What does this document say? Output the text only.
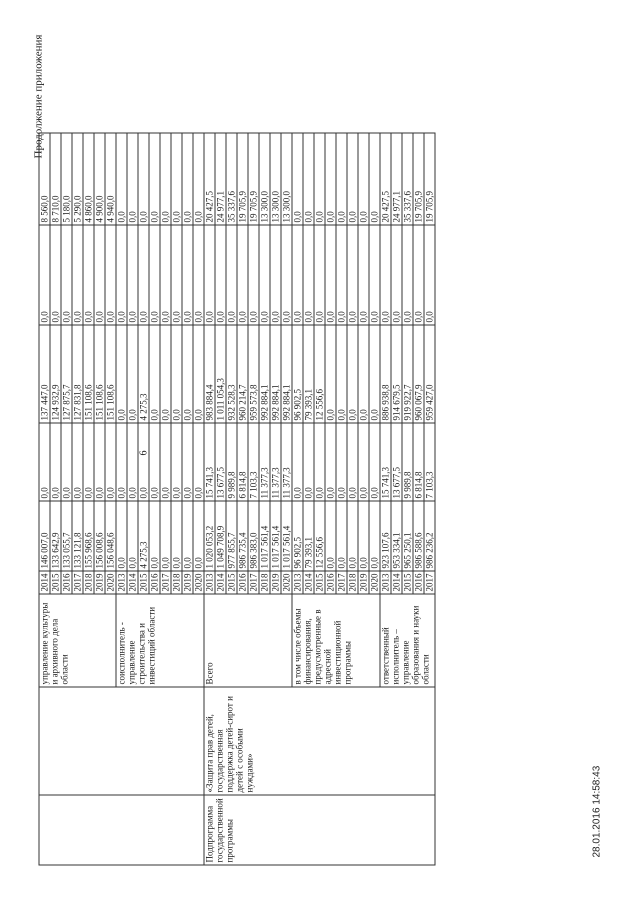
Продолжение приложения
6
		управление культуры и архивного дела области	2014	146 007,0	0,0	137 447,0	0,0	8 560,0
			2015	133 642,9	0,0	124 932,9	0,0	8 710,0
			2016	133 055,7	0,0	127 875,7	0,0	5 180,0
			2017	133 121,8	0,0	127 831,8	0,0	5 290,0
			2018	155 968,6	0,0	151 108,6	0,0	4 860,0
			2019	156 008,6	0,0	151 108,6	0,0	4 900,0
			2020	156 048,6	0,0	151 108,6	0,0	4 940,0
		соисполнитель - управление строительства и инвестиций области	2013	0,0	0,0	0,0	0,0	0,0
			2014	0,0	0,0	0,0	0,0	0,0
			2015	4 275,3	0,0	4 275,3	0,0	0,0
			2016	0,0	0,0	0,0	0,0	0,0
			2017	0,0	0,0	0,0	0,0	0,0
			2018	0,0	0,0	0,0	0,0	0,0
			2019	0,0	0,0	0,0	0,0	0,0
			2020	0,0	0,0	0,0	0,0	0,0
Подпрограмма государственной программы	«Защита прав детей, государственная поддержка детей-сирот и детей с особыми нуждами»	Всего	2013	1 020 053,2	15 741,3	983 884,4	0,0	20 427,5
			2014	1 049 708,9	13 677,5	1 011 054,3	0,0	24 977,1
			2015	977 855,7	9 989,8	932 528,3	0,0	35 337,6
			2016	986 735,4	6 814,8	960 214,7	0,0	19 705,9
			2017	986 383,0	7 103,3	959 573,8	0,0	19 705,9
			2018	1 017 561,4	11 377,3	992 884,1	0,0	13 300,0
			2019	1 017 561,4	11 377,3	992 884,1	0,0	13 300,0
			2020	1 017 561,4	11 377,3	992 884,1	0,0	13 300,0
		в том числе объемы финансирования, предусмотренные в адресной инвестиционной программы	2013	96 902,5	0,0	96 902,5	0,0	0,0
			2014	79 393,1	0,0	79 393,1	0,0	0,0
			2015	12 556,6	0,0	12 556,6	0,0	0,0
			2016	0,0	0,0	0,0	0,0	0,0
			2017	0,0	0,0	0,0	0,0	0,0
			2018	0,0	0,0	0,0	0,0	0,0
			2019	0,0	0,0	0,0	0,0	0,0
			2020	0,0	0,0	0,0	0,0	0,0
		ответственный исполнитель – управление образования и науки области	2013	923 107,6	15 741,3	886 938,8	0,0	20 427,5
			2014	953 334,1	13 677,5	914 679,5	0,0	24 977,1
			2015	965 250,1	9 989,8	919 922,7	0,0	35 337,6
			2016	986 588,6	6 814,8	960 067,9	0,0	19 705,9
			2017	986 236,2	7 103,3	959 427,0	0,0	19 705,9
28.01.2016 14:58:43
